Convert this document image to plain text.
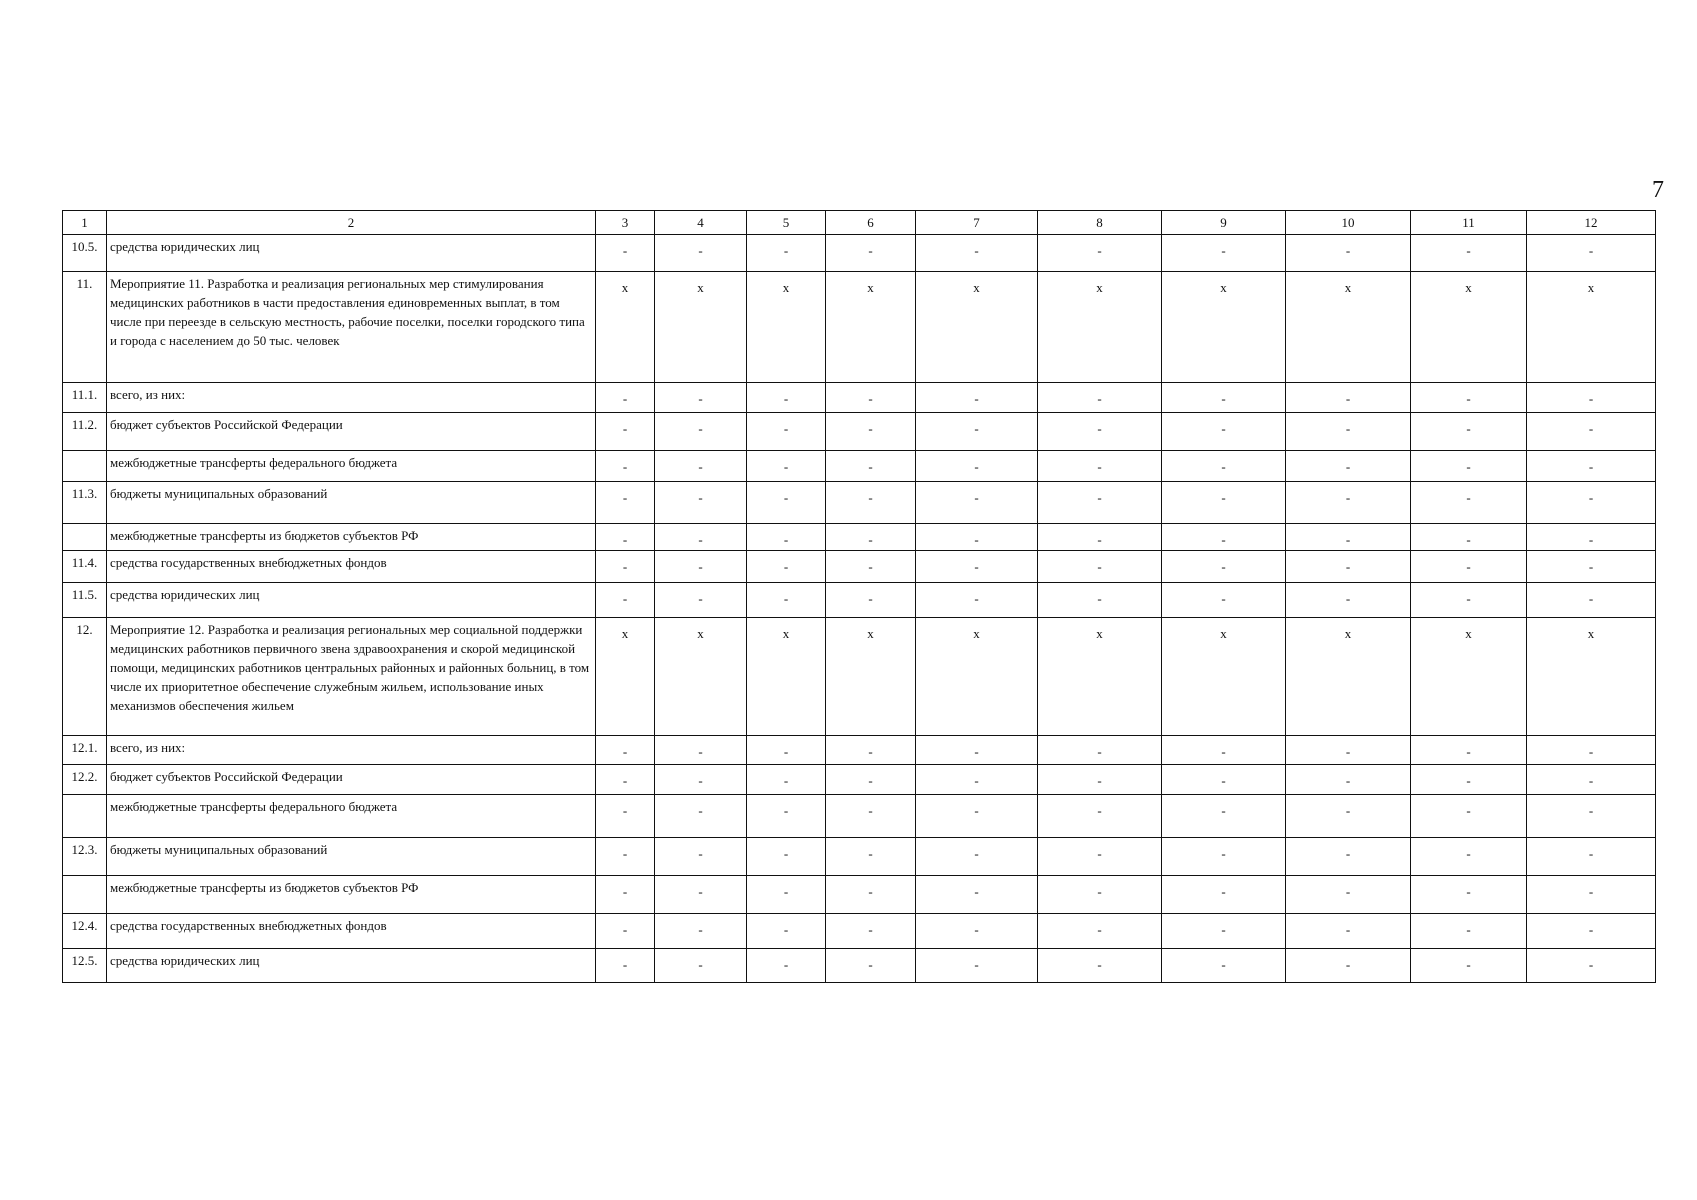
7
1	2	3	4	5	6	7	8	9	10	11	12
10.5.	средства юридических лиц	-	-	-	-	-	-	-	-	-	-
11.	Мероприятие 11. Разработка и реализация региональных мер стимулирования медицинских работников в части предоставления единовременных выплат, в том числе при переезде в сельскую местность, рабочие поселки, поселки городского типа и города с населением до 50 тыс. человек	x	x	x	x	x	x	x	x	x	x
11.1.	всего, из них:	-	-	-	-	-	-	-	-	-	-
11.2.	бюджет субъектов Российской Федерации	-	-	-	-	-	-	-	-	-	-
	межбюджетные трансферты федерального бюджета	-	-	-	-	-	-	-	-	-	-
11.3.	бюджеты муниципальных образований	-	-	-	-	-	-	-	-	-	-
	межбюджетные трансферты из бюджетов субъектов РФ	-	-	-	-	-	-	-	-	-	-
11.4.	средства государственных внебюджетных фондов	-	-	-	-	-	-	-	-	-	-
11.5.	средства юридических лиц	-	-	-	-	-	-	-	-	-	-
12.	Мероприятие 12. Разработка и реализация региональных мер социальной поддержки медицинских работников первичного звена здравоохранения и скорой медицинской помощи, медицинских работников центральных районных и районных больниц, в том числе их приоритетное обеспечение служебным жильем, использование иных механизмов обеспечения жильем	x	x	x	x	x	x	x	x	x	x
12.1.	всего, из них:	-	-	-	-	-	-	-	-	-	-
12.2.	бюджет субъектов Российской Федерации	-	-	-	-	-	-	-	-	-	-
	межбюджетные трансферты федерального бюджета	-	-	-	-	-	-	-	-	-	-
12.3.	бюджеты муниципальных образований	-	-	-	-	-	-	-	-	-	-
	межбюджетные трансферты из бюджетов субъектов РФ	-	-	-	-	-	-	-	-	-	-
12.4.	средства государственных внебюджетных фондов	-	-	-	-	-	-	-	-	-	-
12.5.	средства юридических лиц	-	-	-	-	-	-	-	-	-	-
